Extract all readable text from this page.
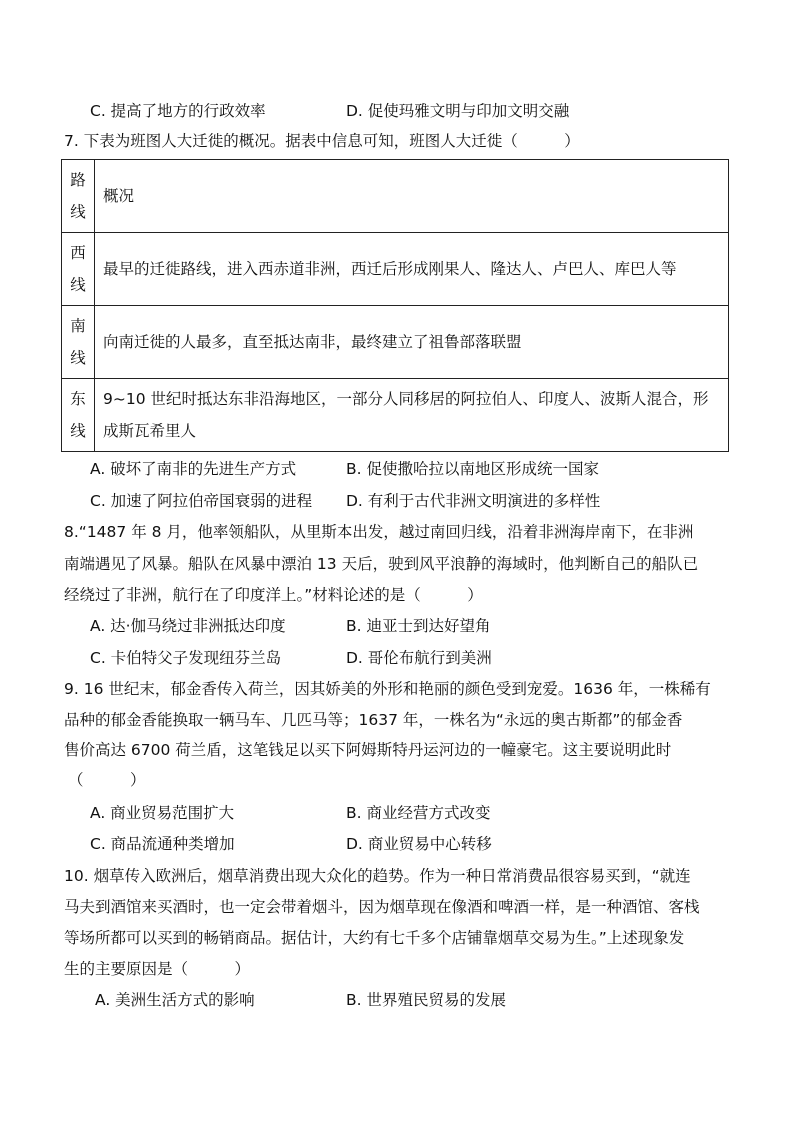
C. 提高了地方的行政效率	D. 促使玛雅文明与印加文明交融
7. 下表为班图人大迁徙的概况。据表中信息可知，班图人大迁徙（　　　）
路
线	概况

西
线	最早的迁徙路线，进入西赤道非洲，西迁后形成刚果人、隆达人、卢巴人、库巴人等

南
线	向南迁徙的人最多，直至抵达南非，最终建立了祖鲁部落联盟

东
线	9~10 世纪时抵达东非沿海地区，一部分人同移居的阿拉伯人、印度人、波斯人混合，形
成斯瓦希里人
A. 破坏了南非的先进生产方式	B. 促使撒哈拉以南地区形成统一国家
C. 加速了阿拉伯帝国衰弱的进程 D. 有利于古代非洲文明演进的多样性
8.“1487 年 8 月，他率领船队，从里斯本出发，越过南回归线，沿着非洲海岸南下，在非洲
南端遇见了风暴。船队在风暴中漂泊 13 天后，驶到风平浪静的海域时，他判断自己的船队已
经绕过了非洲，航行在了印度洋上。”材料论述的是（　　　）
A. 达·伽马绕过非洲抵达印度	B. 迪亚士到达好望角
C. 卡伯特父子发现纽芬兰岛	D. 哥伦布航行到美洲
9. 16 世纪末，郁金香传入荷兰，因其娇美的外形和艳丽的颜色受到宠爱。1636 年，一株稀有
品种的郁金香能换取一辆马车、几匹马等；1637 年，一株名为“永远的奥古斯都”的郁金香
售价高达 6700 荷兰盾，这笔钱足以买下阿姆斯特丹运河边的一幢豪宅。这主要说明此时
（　　　）
A. 商业贸易范围扩大	B. 商业经营方式改变
C. 商品流通种类增加	D. 商业贸易中心转移
10. 烟草传入欧洲后，烟草消费出现大众化的趋势。作为一种日常消费品很容易买到，“就连
马夫到酒馆来买酒时，也一定会带着烟斗，因为烟草现在像酒和啤酒一样，是一种酒馆、客栈
等场所都可以买到的畅销商品。据估计，大约有七千多个店铺靠烟草交易为生。”上述现象发
生的主要原因是（　　　）
A. 美洲生活方式的影响	B. 世界殖民贸易的发展
